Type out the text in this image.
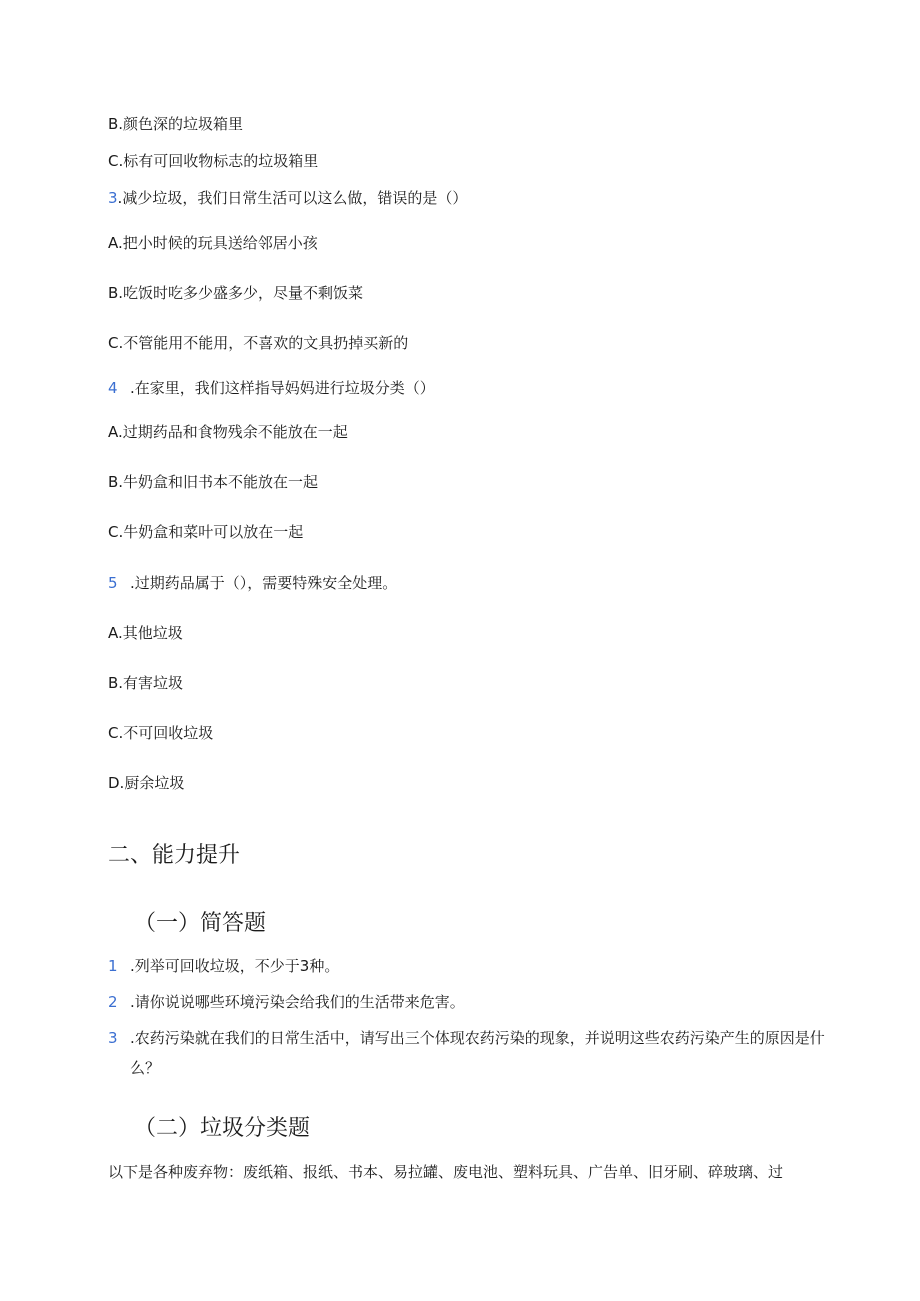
B.颜色深的垃圾箱里
C.标有可回收物标志的垃圾箱里
3.减少垃圾，我们日常生活可以这么做，错误的是（）
A.把小时候的玩具送给邻居小孩
B.吃饭时吃多少盛多少，尽量不剩饭菜
C.不管能用不能用，不喜欢的文具扔掉买新的
4 .在家里，我们这样指导妈妈进行垃圾分类（）
A.过期药品和食物残余不能放在一起
B.牛奶盒和旧书本不能放在一起
C.牛奶盒和菜叶可以放在一起
5 .过期药品属于（），需要特殊安全处理。
A.其他垃圾
B.有害垃圾
C.不可回收垃圾
D.厨余垃圾
二、能力提升
（一）简答题
1 .列举可回收垃圾，不少于3种。
2 .请你说说哪些环境污染会给我们的生活带来危害。
3 .农药污染就在我们的日常生活中，请写出三个体现农药污染的现象，并说明这些农药污染产生的原因是什么？
（二）垃圾分类题
以下是各种废弃物：废纸箱、报纸、书本、易拉罐、废电池、塑料玩具、广告单、旧牙刷、碎玻璃、过
